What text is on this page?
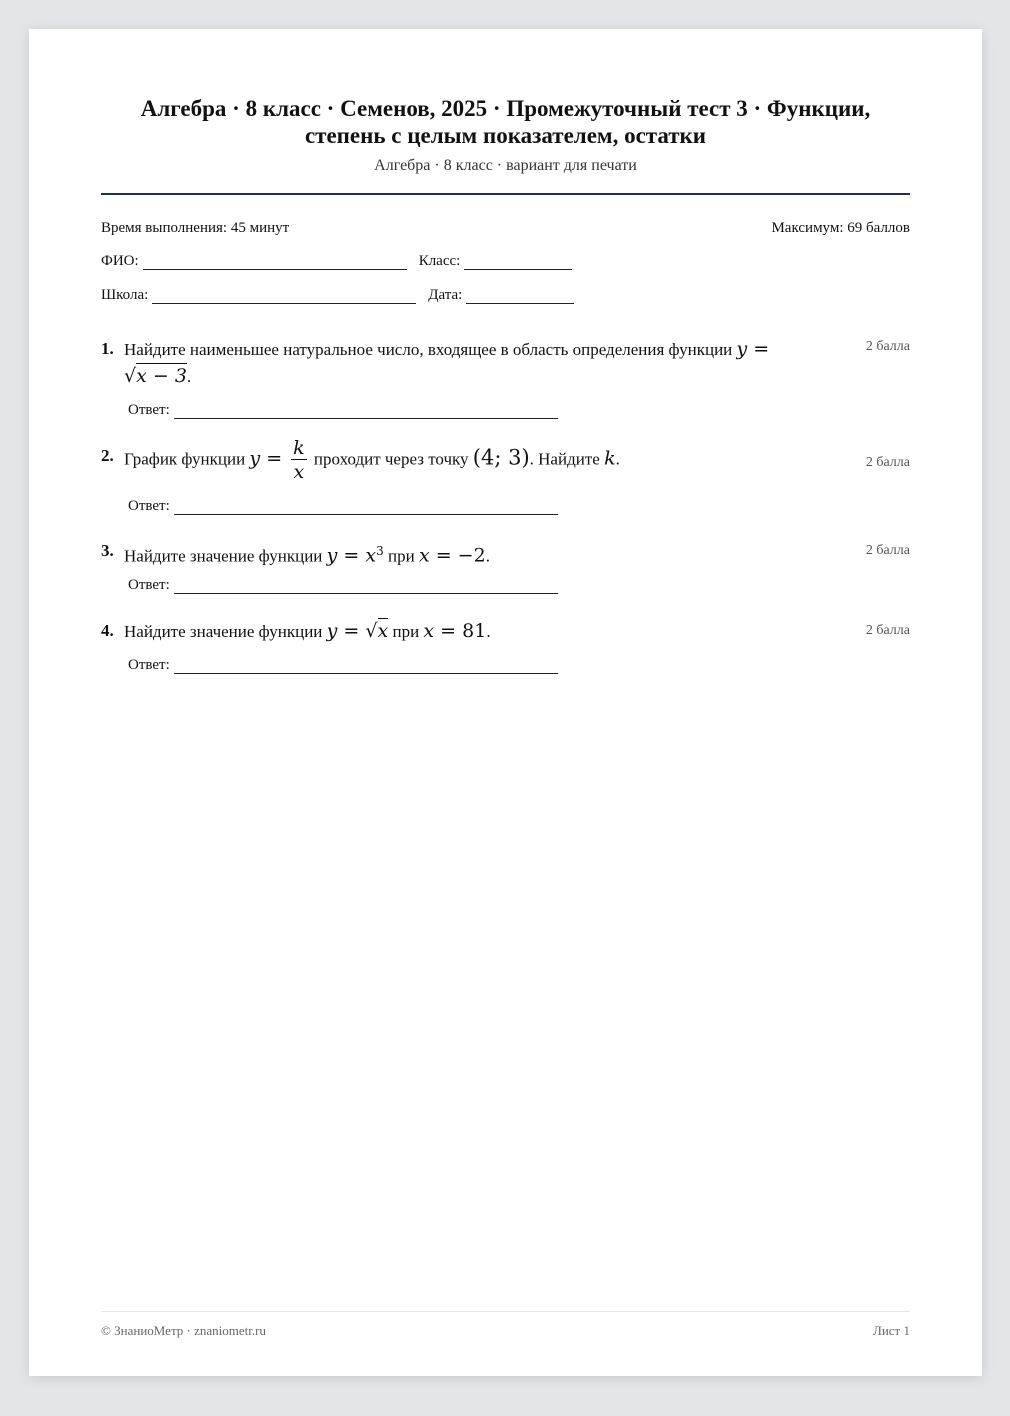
Алгебра · 8 класс · Семенов, 2025 · Промежуточный тест 3 · Функции, степень с целым показателем, остатки
Алгебра · 8 класс · вариант для печати
Время выполнения: 45 минут	Максимум: 69 баллов
ФИО:	Класс:
Школа:	Дата:
1. Найдите наименьшее натуральное число, входящее в область определения функции y =
√x − 3.
2 балла
Ответ:
2. График функции $y = \frac{k}{x}$ проходит через точку (4; 3). Найдите k.	2 балла
Ответ:
3. Найдите значение функции $y = x^3$ при x = −2.	2 балла
Ответ:
4. Найдите значение функции y = √x при x = 81.	2 балла
Ответ:
© ЗнаниоМетр · znaniometr.ru	Лист 1
